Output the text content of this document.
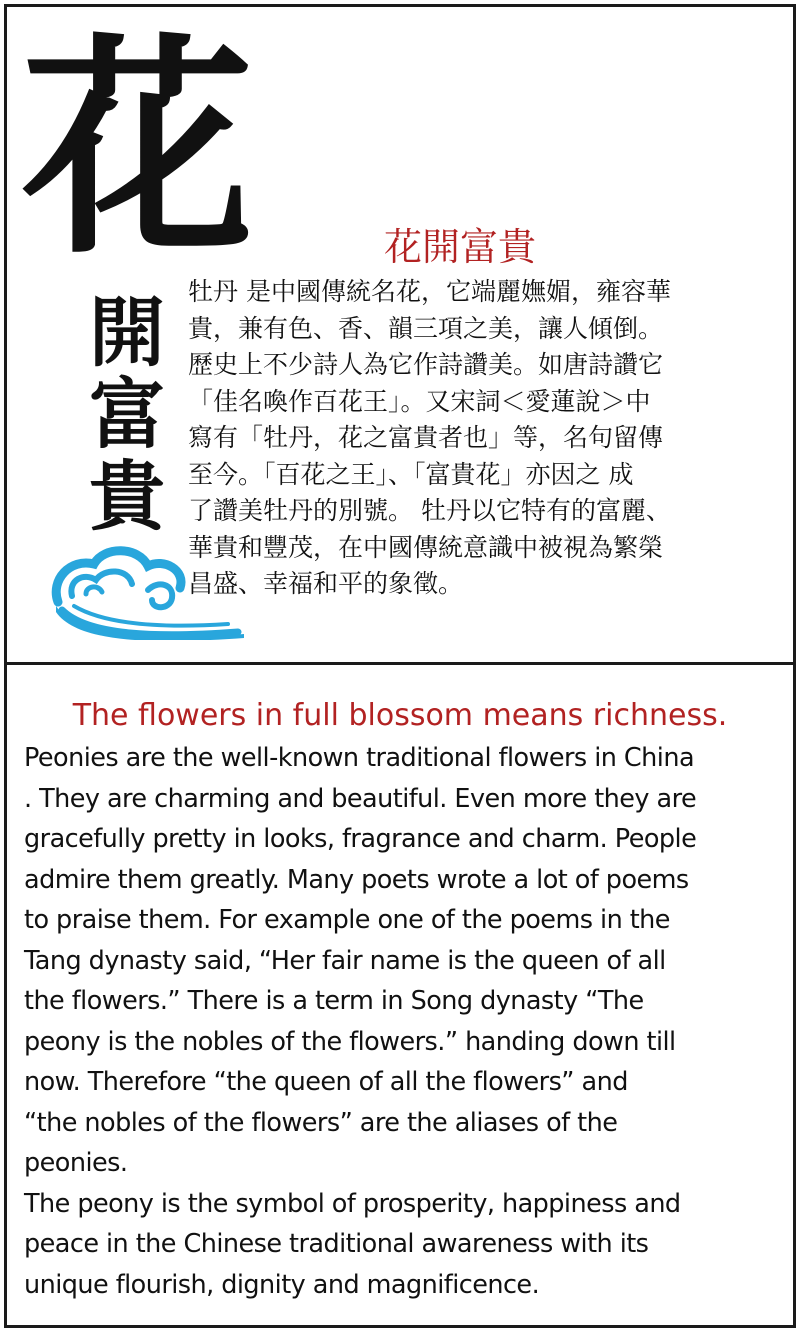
花
開
富
貴
花開富貴
牡丹 是中國傳統名花，它端麗嫵媚，雍容華
貴，兼有色、香、韻三項之美，讓人傾倒。
歷史上不少詩人為它作詩讚美。如唐詩讚它
「佳名喚作百花王」。又宋詞＜愛蓮說＞中
寫有「牡丹，花之富貴者也」等，名句留傳
至今。「百花之王」、「富貴花」亦因之 成
了讚美牡丹的別號。 牡丹以它特有的富麗、
華貴和豐茂，在中國傳統意識中被視為繁榮
昌盛、幸福和平的象徵。
The flowers in full blossom means richness.
Peonies are the well-known traditional flowers in China
. They are charming and beautiful. Even more they are
gracefully pretty in looks, fragrance and charm. People
admire them greatly. Many poets wrote a lot of poems
to praise them. For example one of the poems in the
Tang dynasty said, “Her fair name is the queen of all
the flowers.” There is a term in Song dynasty “The
peony is the nobles of the flowers.” handing down till
now. Therefore “the queen of all the flowers” and
“the nobles of the flowers” are the aliases of the
peonies.
The peony is the symbol of prosperity, happiness and
peace in the Chinese traditional awareness with its
unique flourish, dignity and magnificence.
